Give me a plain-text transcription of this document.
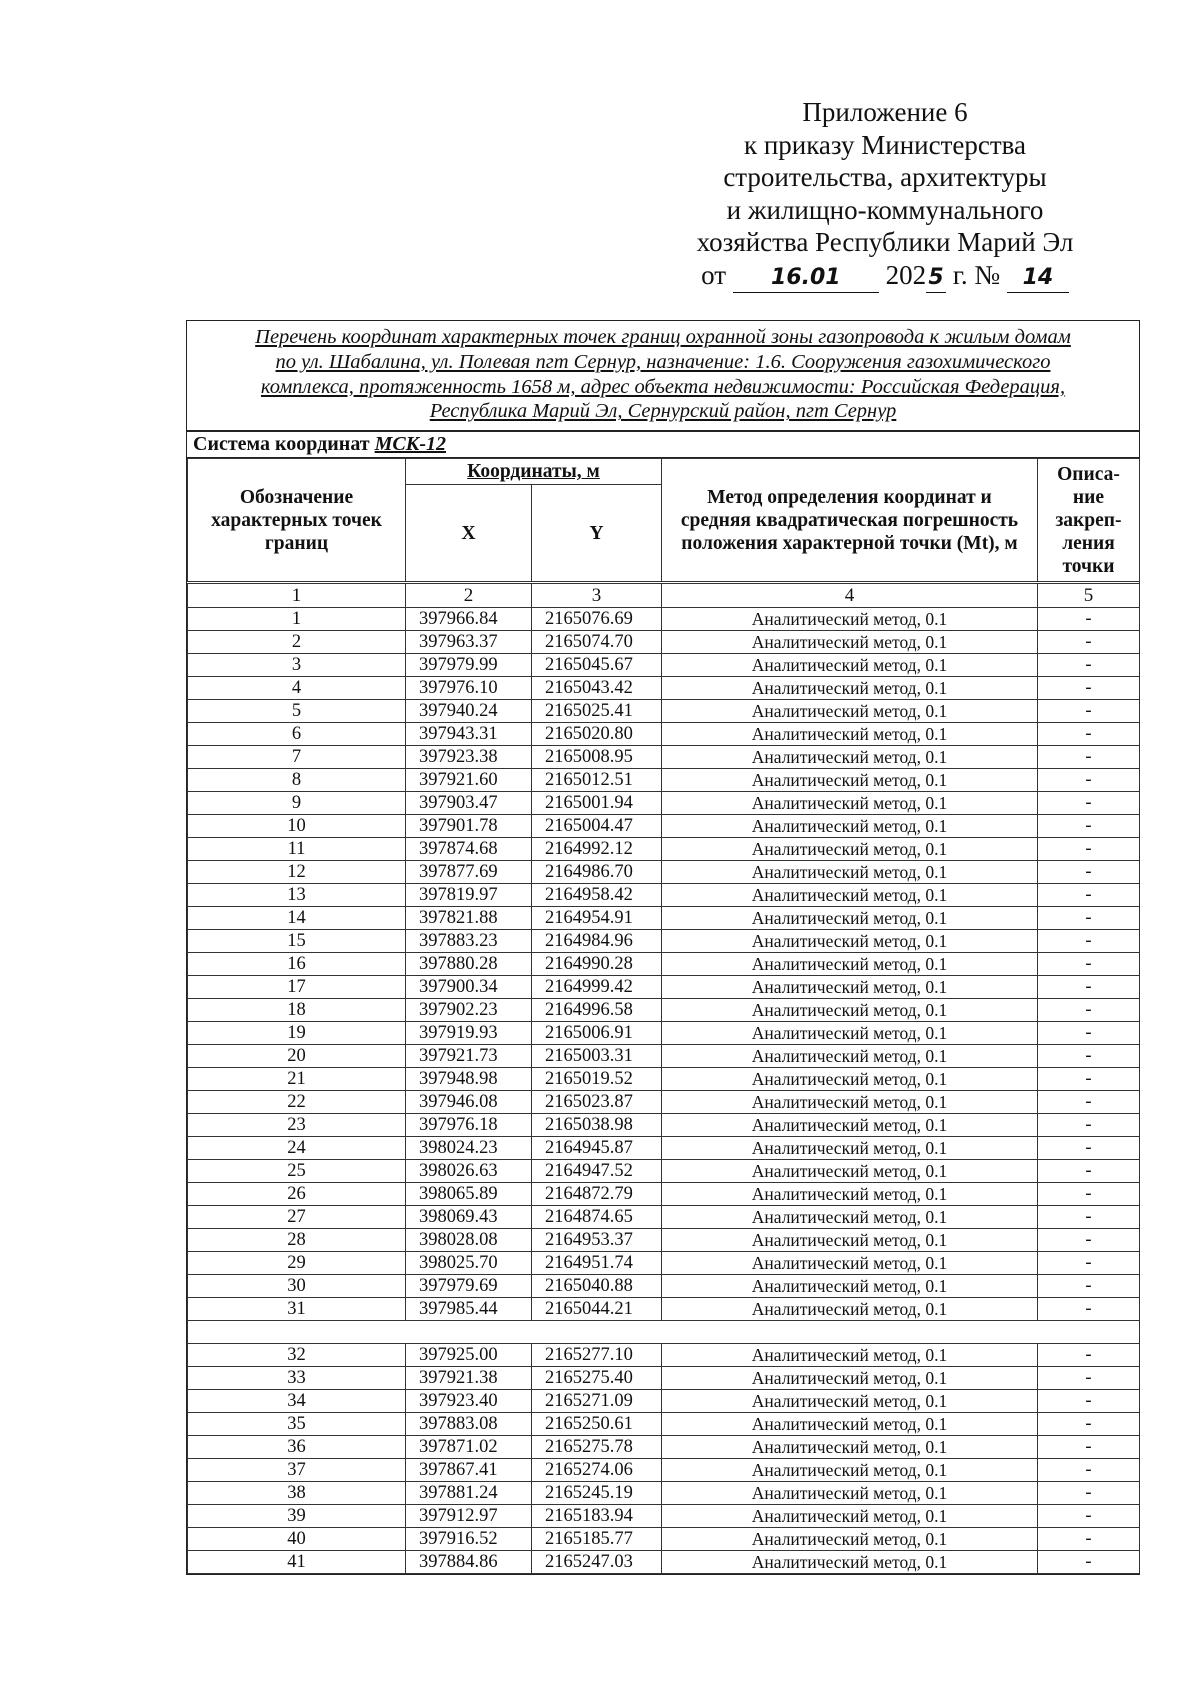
Приложение 6
к приказу Министерства
строительства, архитектуры
и жилищно-коммунального
хозяйства Республики Марий Эл
от 16.01 202 5 г. № 14
Перечень координат характерных точек границ охранной зоны газопровода к жилым домам
по ул. Шабалина, ул. Полевая пгт Сернур, назначение: 1.6. Сооружения газохимического
комплекса, протяженность 1658 м, адрес объекта недвижимости: Российская Федерация,
Республика Марий Эл, Сернурский район, пгт Сернур
Система координат МСК-12
Обозначение характерных точек границ	Координаты, м		Метод определения координат и средняя квадратическая погрешность положения характерной точки (Mt), м	Описа-ние закреп-ления точки
	X	Y		
1	2	3	4	5
1	397966.84	2165076.69	Аналитический метод, 0.1	-
2	397963.37	2165074.70	Аналитический метод, 0.1	-
3	397979.99	2165045.67	Аналитический метод, 0.1	-
4	397976.10	2165043.42	Аналитический метод, 0.1	-
5	397940.24	2165025.41	Аналитический метод, 0.1	-
6	397943.31	2165020.80	Аналитический метод, 0.1	-
7	397923.38	2165008.95	Аналитический метод, 0.1	-
8	397921.60	2165012.51	Аналитический метод, 0.1	-
9	397903.47	2165001.94	Аналитический метод, 0.1	-
10	397901.78	2165004.47	Аналитический метод, 0.1	-
11	397874.68	2164992.12	Аналитический метод, 0.1	-
12	397877.69	2164986.70	Аналитический метод, 0.1	-
13	397819.97	2164958.42	Аналитический метод, 0.1	-
14	397821.88	2164954.91	Аналитический метод, 0.1	-
15	397883.23	2164984.96	Аналитический метод, 0.1	-
16	397880.28	2164990.28	Аналитический метод, 0.1	-
17	397900.34	2164999.42	Аналитический метод, 0.1	-
18	397902.23	2164996.58	Аналитический метод, 0.1	-
19	397919.93	2165006.91	Аналитический метод, 0.1	-
20	397921.73	2165003.31	Аналитический метод, 0.1	-
21	397948.98	2165019.52	Аналитический метод, 0.1	-
22	397946.08	2165023.87	Аналитический метод, 0.1	-
23	397976.18	2165038.98	Аналитический метод, 0.1	-
24	398024.23	2164945.87	Аналитический метод, 0.1	-
25	398026.63	2164947.52	Аналитический метод, 0.1	-
26	398065.89	2164872.79	Аналитический метод, 0.1	-
27	398069.43	2164874.65	Аналитический метод, 0.1	-
28	398028.08	2164953.37	Аналитический метод, 0.1	-
29	398025.70	2164951.74	Аналитический метод, 0.1	-
30	397979.69	2165040.88	Аналитический метод, 0.1	-
31	397985.44	2165044.21	Аналитический метод, 0.1	-

32	397925.00	2165277.10	Аналитический метод, 0.1	-
33	397921.38	2165275.40	Аналитический метод, 0.1	-
34	397923.40	2165271.09	Аналитический метод, 0.1	-
35	397883.08	2165250.61	Аналитический метод, 0.1	-
36	397871.02	2165275.78	Аналитический метод, 0.1	-
37	397867.41	2165274.06	Аналитический метод, 0.1	-
38	397881.24	2165245.19	Аналитический метод, 0.1	-
39	397912.97	2165183.94	Аналитический метод, 0.1	-
40	397916.52	2165185.77	Аналитический метод, 0.1	-
41	397884.86	2165247.03	Аналитический метод, 0.1	-
